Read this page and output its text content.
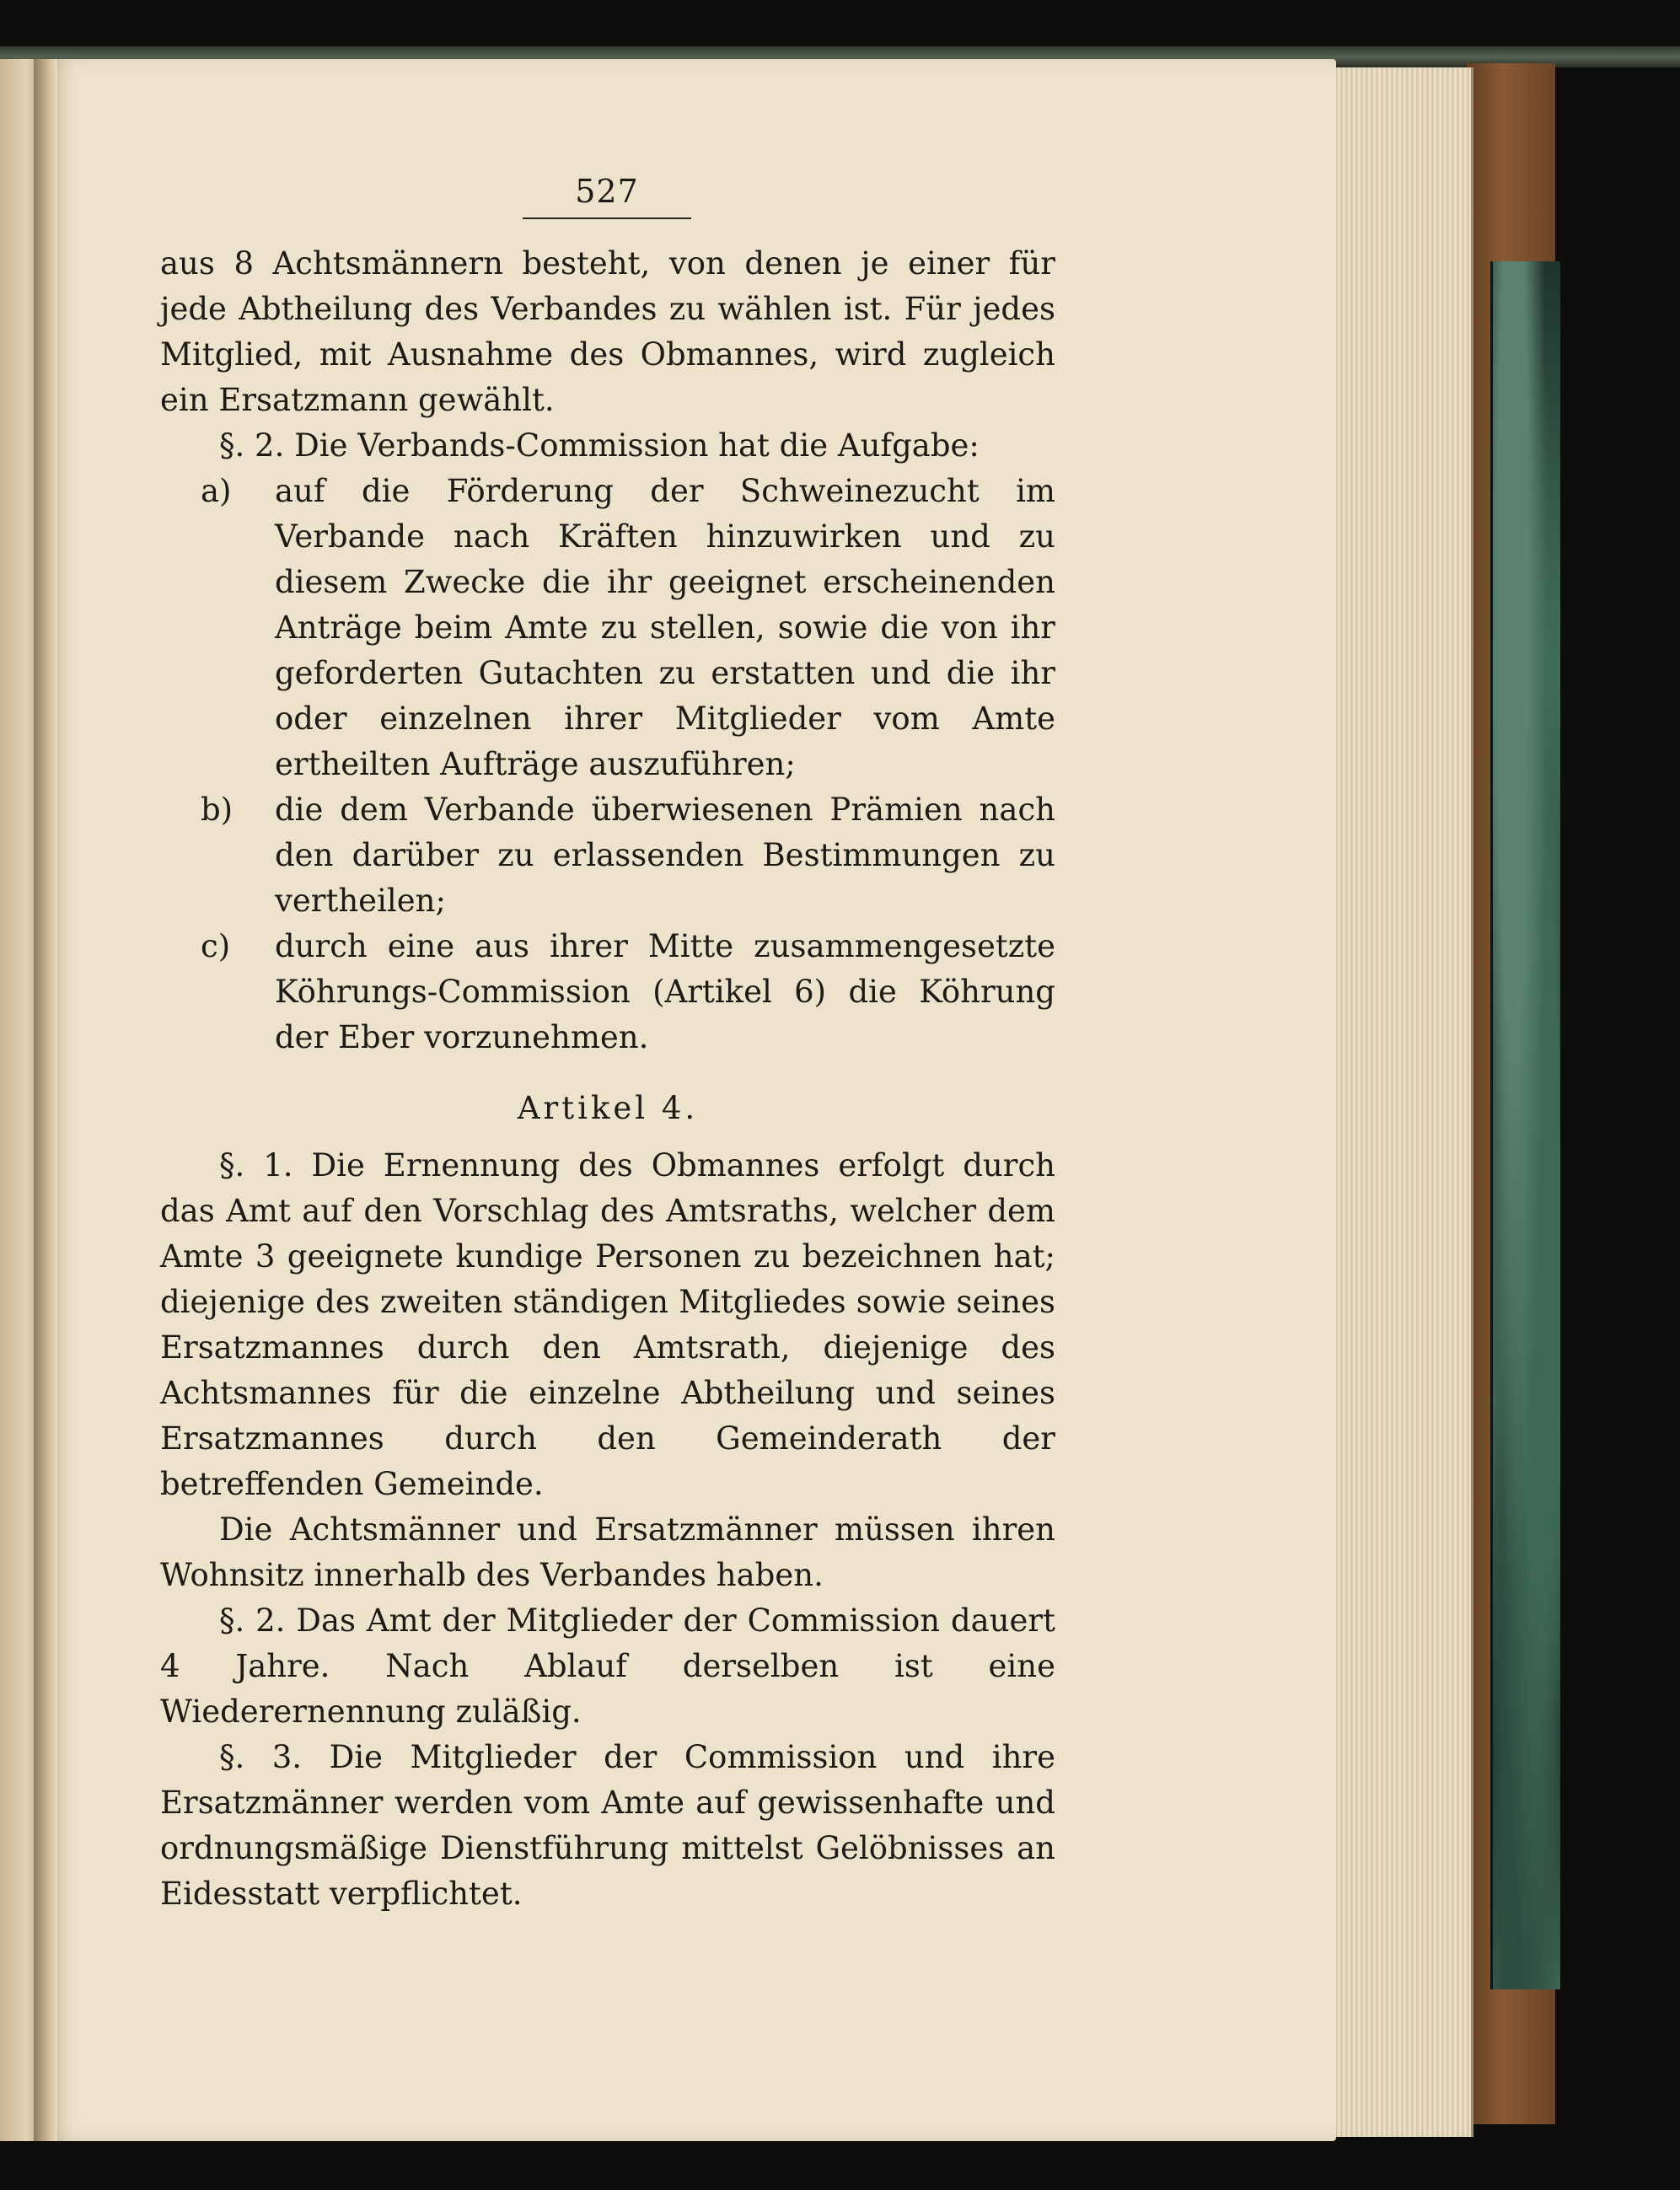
527

aus 8 Achtsmännern besteht, von denen je einer für jede Abtheilung des Verbandes zu wählen ist. Für jedes Mitglied, mit Ausnahme des Obmannes, wird zugleich ein Ersatzmann gewählt.

§. 2. Die Verbands-Commission hat die Aufgabe:

a)	auf die Förderung der Schweinezucht im Verbande nach Kräften hinzuwirken und zu diesem Zwecke die ihr geeignet erscheinenden Anträge beim Amte zu stellen, sowie die von ihr geforderten Gutachten zu erstatten und die ihr oder einzelnen ihrer Mitglieder vom Amte ertheilten Aufträge auszuführen;
b)	die dem Verbande überwiesenen Prämien nach den darüber zu erlassenden Bestimmungen zu vertheilen;
c)	durch eine aus ihrer Mitte zusammengesetzte Köhrungs-Commission (Artikel 6) die Köhrung der Eber vorzunehmen.
Artikel 4.

§. 1. Die Ernennung des Obmannes erfolgt durch das Amt auf den Vorschlag des Amtsraths, welcher dem Amte 3 geeignete kundige Personen zu bezeichnen hat; diejenige des zweiten ständigen Mitgliedes sowie seines Ersatzmannes durch den Amtsrath, diejenige des Achtsmannes für die einzelne Abtheilung und seines Ersatzmannes durch den Gemeinderath der betreffenden Gemeinde.

Die Achtsmänner und Ersatzmänner müssen ihren Wohnsitz innerhalb des Verbandes haben.

§. 2. Das Amt der Mitglieder der Commission dauert 4 Jahre. Nach Ablauf derselben ist eine Wiederernennung zuläßig.

§. 3. Die Mitglieder der Commission und ihre Ersatzmänner werden vom Amte auf gewissenhafte und ordnungsmäßige Dienstführung mittelst Gelöbnisses an Eidesstatt verpflichtet.
